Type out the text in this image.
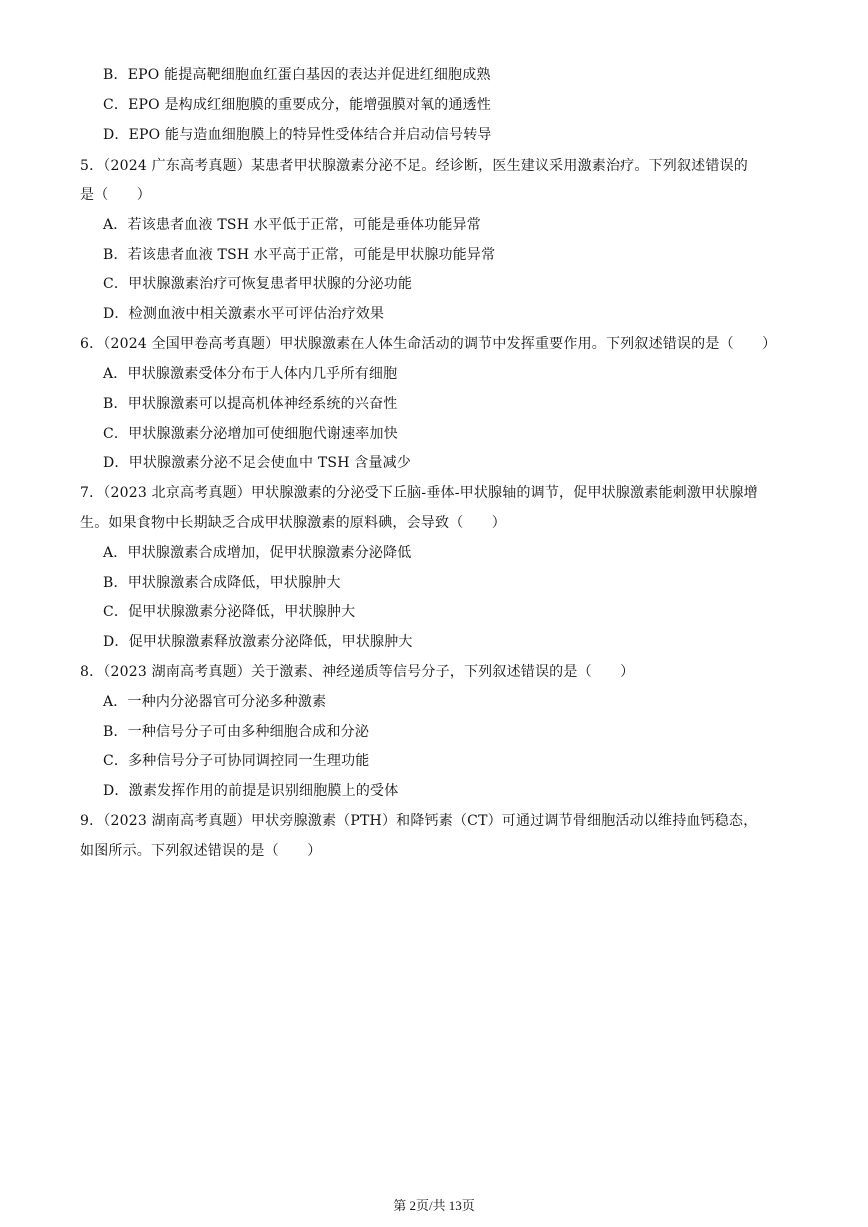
B．EPO 能提高靶细胞血红蛋白基因的表达并促进红细胞成熟
C．EPO 是构成红细胞膜的重要成分，能增强膜对氧的通透性
D．EPO 能与造血细胞膜上的特异性受体结合并启动信号转导
5．（2024 广东高考真题）某患者甲状腺激素分泌不足。经诊断，医生建议采用激素治疗。下列叙述错误的
是（　　）
A．若该患者血液 TSH 水平低于正常，可能是垂体功能异常
B．若该患者血液 TSH 水平高于正常，可能是甲状腺功能异常
C．甲状腺激素治疗可恢复患者甲状腺的分泌功能
D．检测血液中相关激素水平可评估治疗效果
6．（2024 全国甲卷高考真题）甲状腺激素在人体生命活动的调节中发挥重要作用。下列叙述错误的是（　　）
A．甲状腺激素受体分布于人体内几乎所有细胞
B．甲状腺激素可以提高机体神经系统的兴奋性
C．甲状腺激素分泌增加可使细胞代谢速率加快
D．甲状腺激素分泌不足会使血中 TSH 含量减少
7．（2023 北京高考真题）甲状腺激素的分泌受下丘脑-垂体-甲状腺轴的调节，促甲状腺激素能刺激甲状腺增
生。如果食物中长期缺乏合成甲状腺激素的原料碘，会导致（　　）
A．甲状腺激素合成增加，促甲状腺激素分泌降低
B．甲状腺激素合成降低，甲状腺肿大
C．促甲状腺激素分泌降低，甲状腺肿大
D．促甲状腺激素释放激素分泌降低，甲状腺肿大
8．（2023 湖南高考真题）关于激素、神经递质等信号分子，下列叙述错误的是（　　）
A．一种内分泌器官可分泌多种激素
B．一种信号分子可由多种细胞合成和分泌
C．多种信号分子可协同调控同一生理功能
D．激素发挥作用的前提是识别细胞膜上的受体
9．（2023 湖南高考真题）甲状旁腺激素（PTH）和降钙素（CT）可通过调节骨细胞活动以维持血钙稳态，
如图所示。下列叙述错误的是（　　）
第 2页/共 13页
